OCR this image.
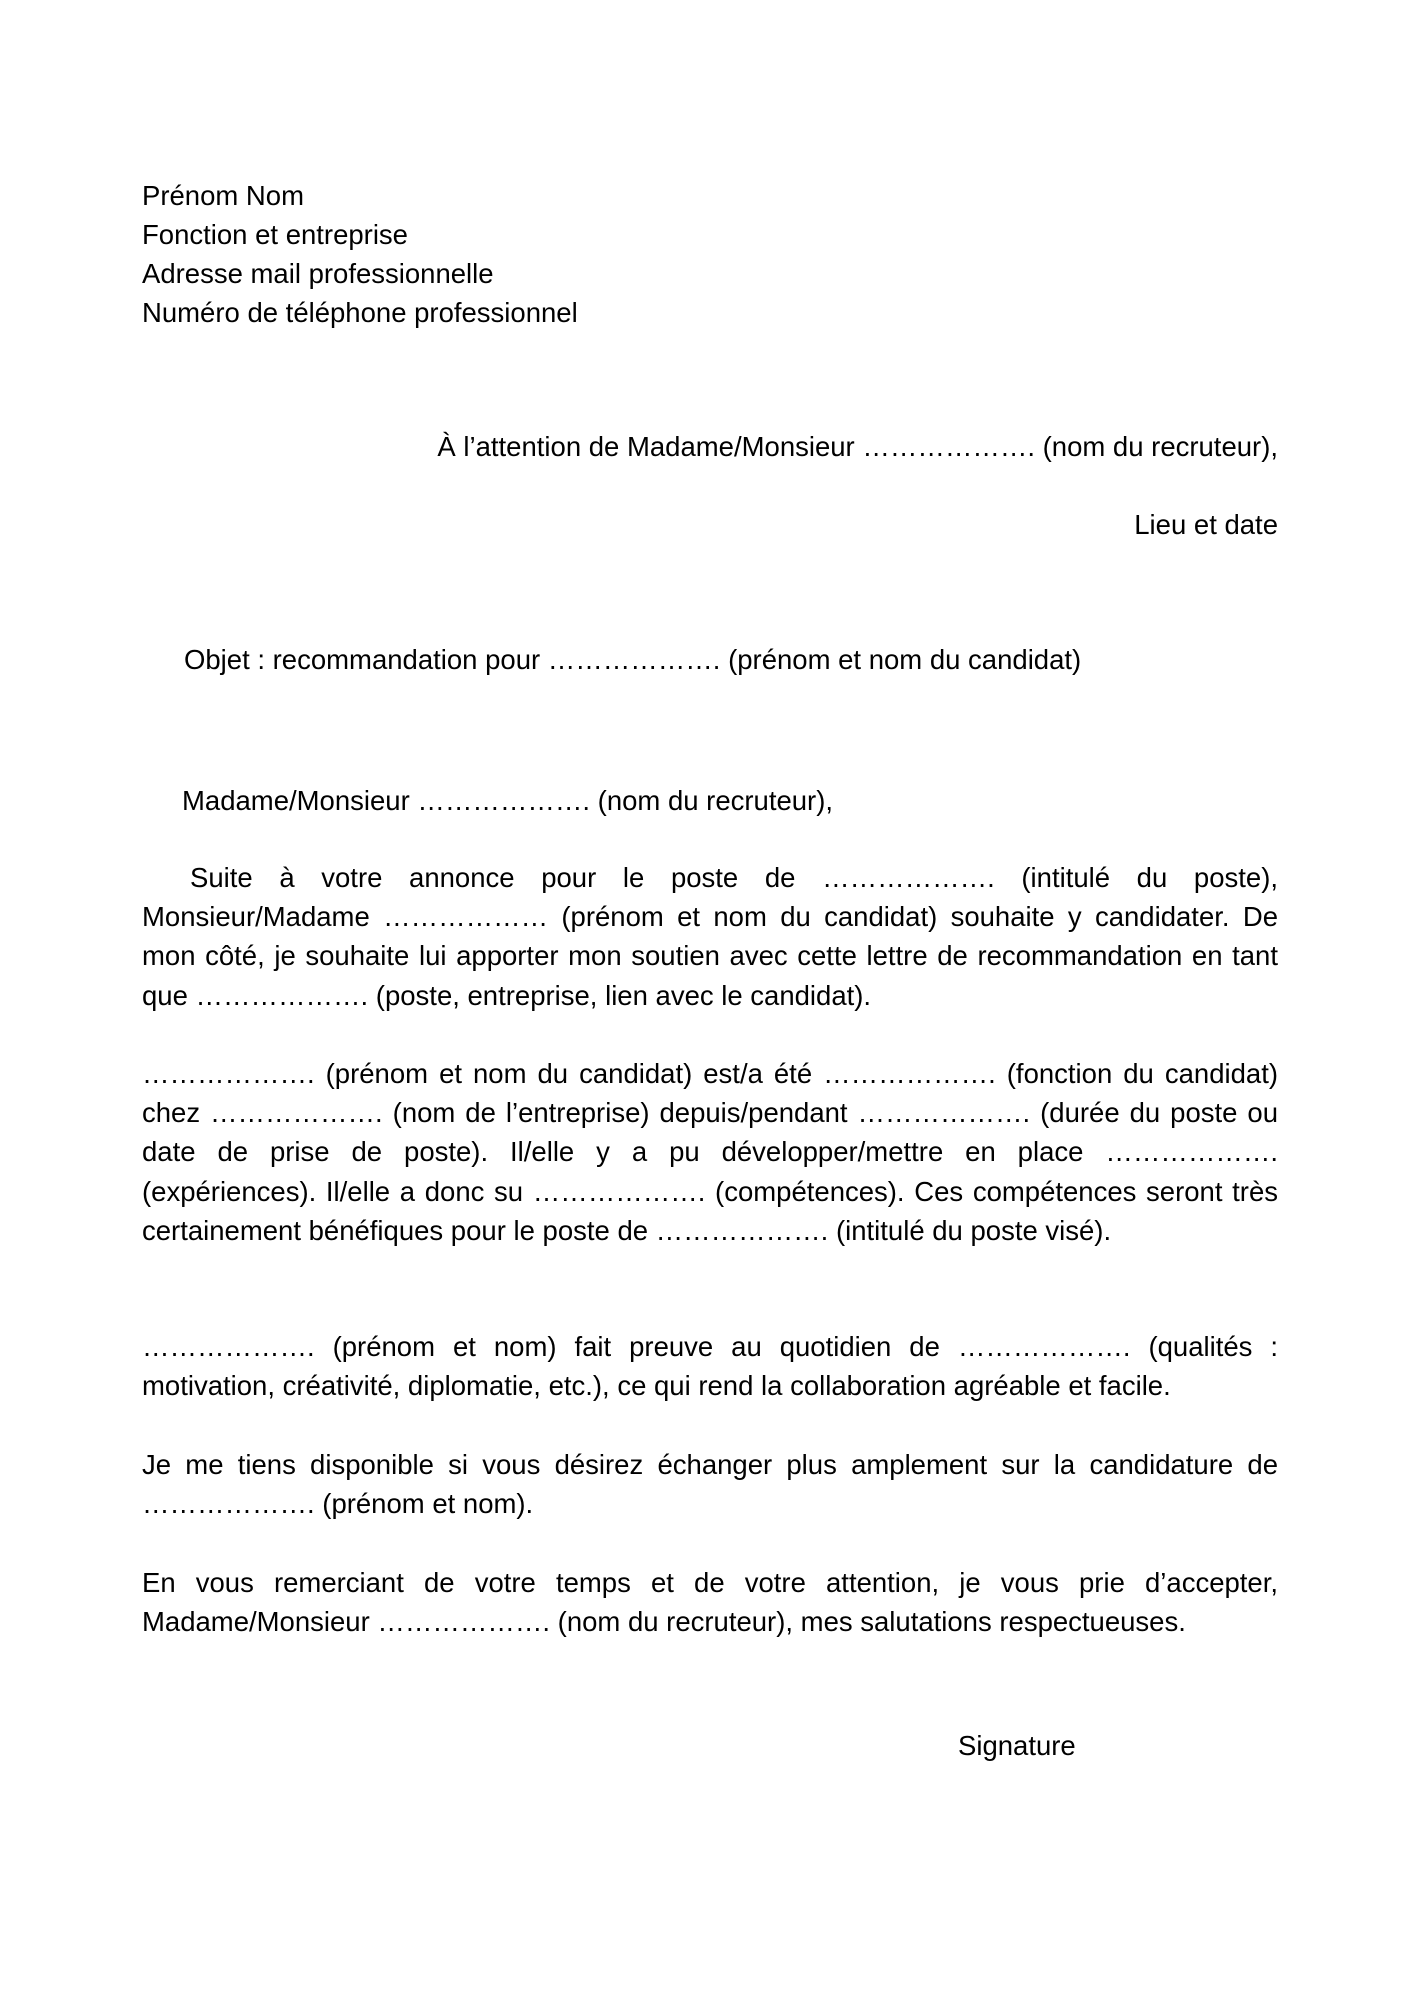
Prénom Nom

Fonction et entreprise

Adresse mail professionnelle

Numéro de téléphone professionnel

À l’attention de Madame/Monsieur ………………. (nom du recruteur),

Lieu et date

Objet : recommandation pour ………………. (prénom et nom du candidat)

Madame/Monsieur ………………. (nom du recruteur),

Suite à votre annonce pour le poste de ………………. (intitulé du poste), Monsieur/Madame ……………… (prénom et nom du candidat) souhaite y candidater. De mon côté, je souhaite lui apporter mon soutien avec cette lettre de recommandation en tant que ………………. (poste, entreprise, lien avec le candidat).

………………. (prénom et nom du candidat) est/a été ………………. (fonction du candidat) chez ………………. (nom de l’entreprise) depuis/pendant ………………. (durée du poste ou date de prise de poste). Il/elle y a pu développer/mettre en place ………………. (expériences). Il/elle a donc su ………………. (compétences). Ces compétences seront très certainement bénéfiques pour le poste de ………………. (intitulé du poste visé).

………………. (prénom et nom) fait preuve au quotidien de ………………. (qualités : motivation, créativité, diplomatie, etc.), ce qui rend la collaboration agréable et facile.

Je me tiens disponible si vous désirez échanger plus amplement sur la candidature de ………………. (prénom et nom).

En vous remerciant de votre temps et de votre attention, je vous prie d’accepter, Madame/Monsieur ………………. (nom du recruteur), mes salutations respectueuses.

Signature
